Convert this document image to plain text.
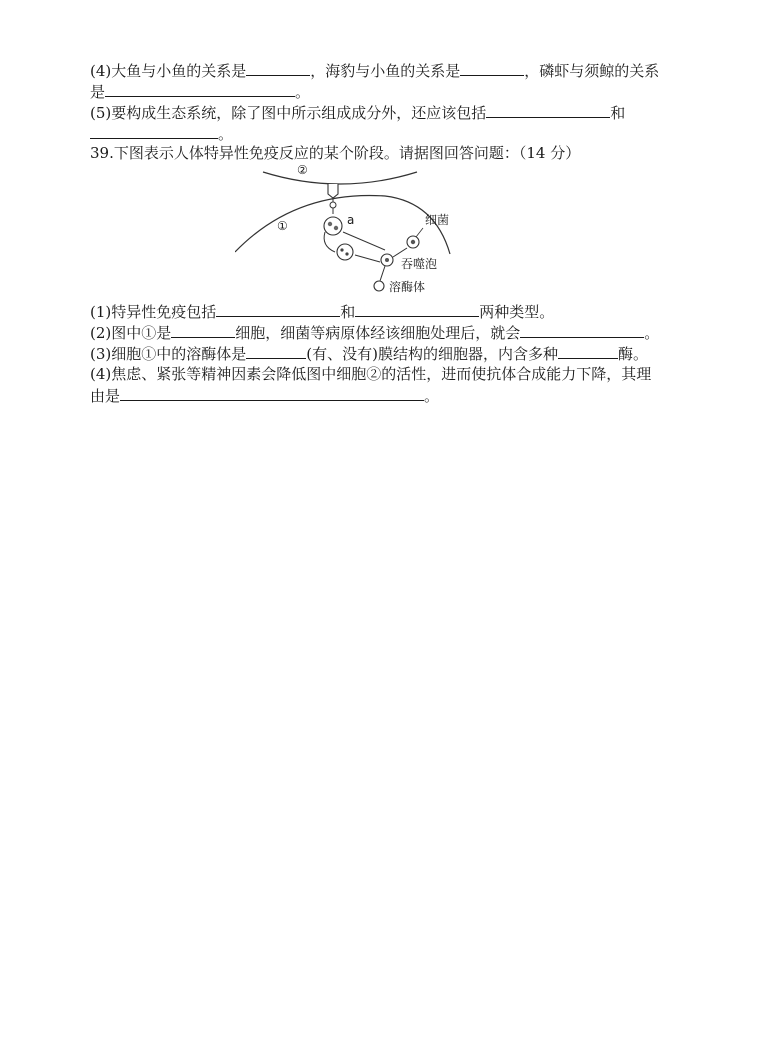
(4)大鱼与小鱼的关系是	，海豹与小鱼的关系是	，磷虾与须鲸的关系
是	。
(5)要构成生态系统，除了图中所示组成成分外，还应该包括	和
。
39.下图表示人体特异性免疫反应的某个阶段。请据图回答问题：（14 分）
②
①	a	细菌
吞噬泡
溶酶体
(1)特异性免疫包括	和	两种类型。
(2)图中①是	细胞，细菌等病原体经该细胞处理后，就会	。
(3)细胞①中的溶酶体是	(有、没有)膜结构的细胞器，内含多种	酶。
(4)焦虑、紧张等精神因素会降低图中细胞②的活性，进而使抗体合成能力下降，其理
由是	。
